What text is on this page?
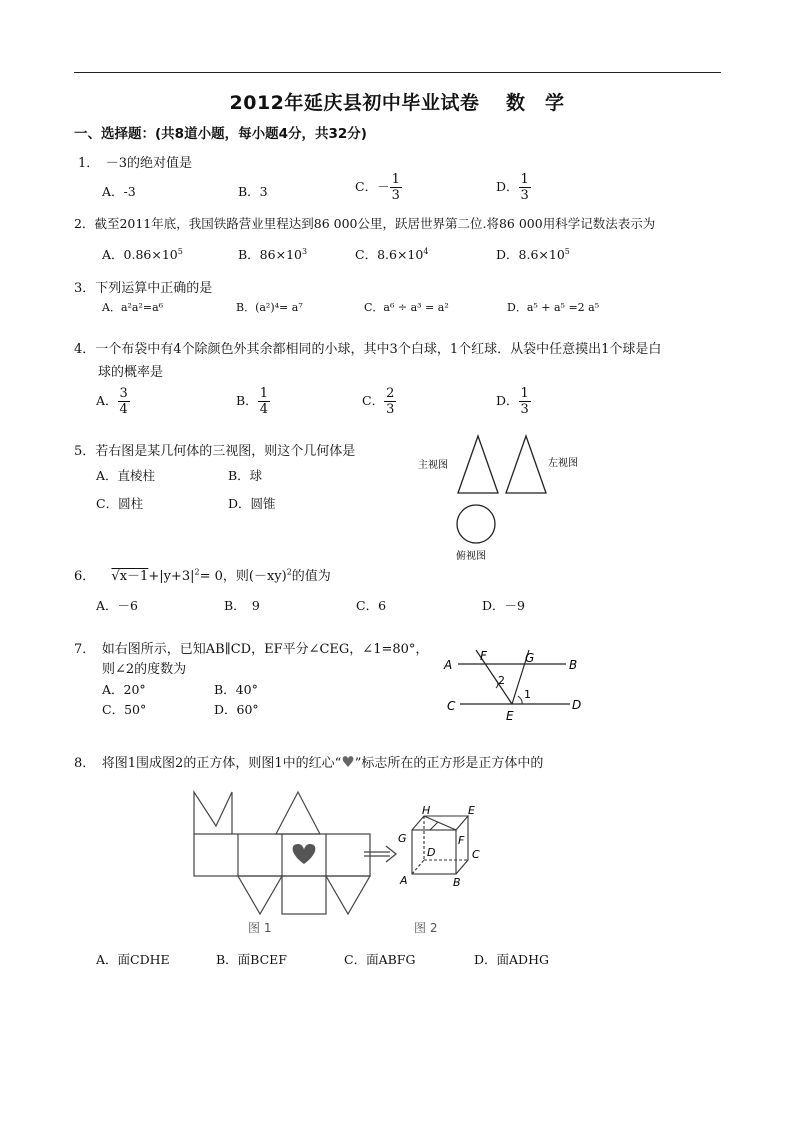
2012年延庆县初中毕业试卷　 数　学
一、选择题：(共8道小题，每小题4分，共32分)
1．　－3的绝对值是
A．-3	B．3	C．－ $\frac{1}{3}$	D． $\frac{1}{3}$
2．截至2011年底，我国铁路营业里程达到86 000公里，跃居世界第二位.将86 000用科学记数法表示为
A．$0.86\times 10^5$	B．$86\times 10^3$	C．$8.6\times 10^4$	D．$8.6\times 10^5$
3．下列运算中正确的是
A．a²a²=a⁶	B．(a²)⁴= a⁷	C．a⁶ ÷ a³ = a²	D．a⁵ + a⁵ =2 a⁵
4．一个布袋中有4个除颜色外其余都相同的小球，其中3个白球，1个红球．从袋中任意摸出1个球是白
球的概率是
A． $\frac{3}{4}$	B． $\frac{1}{4}$	C． $\frac{2}{3}$	D． $\frac{1}{3}$
5．若右图是某几何体的三视图，则这个几何体是
A．直棱柱	B．球
C．圆柱	D．圆锥
主视图	左视图
俯视图
6． $√x-1+|y+3|^2= 0$，则$(-xy)^2$的值为
A．－6	B．　9	C．6	D．－9
7．　如右图所示，已知AB∥CD，EF平分∠CEG，∠1=80°，
则∠2的度数为
A．20°	B．40°
C．50°	D．60°
A
F	G	B
2
1
C
E
D
8．　将图1围成图2的正方体，则图1中的红心“♥”标志所在的正方形是正方体中的
图 1
H	E
G	F
D	C
A	B
图 2
A．面CDHE	B．面BCEF	C．面ABFG	D．面ADHG
